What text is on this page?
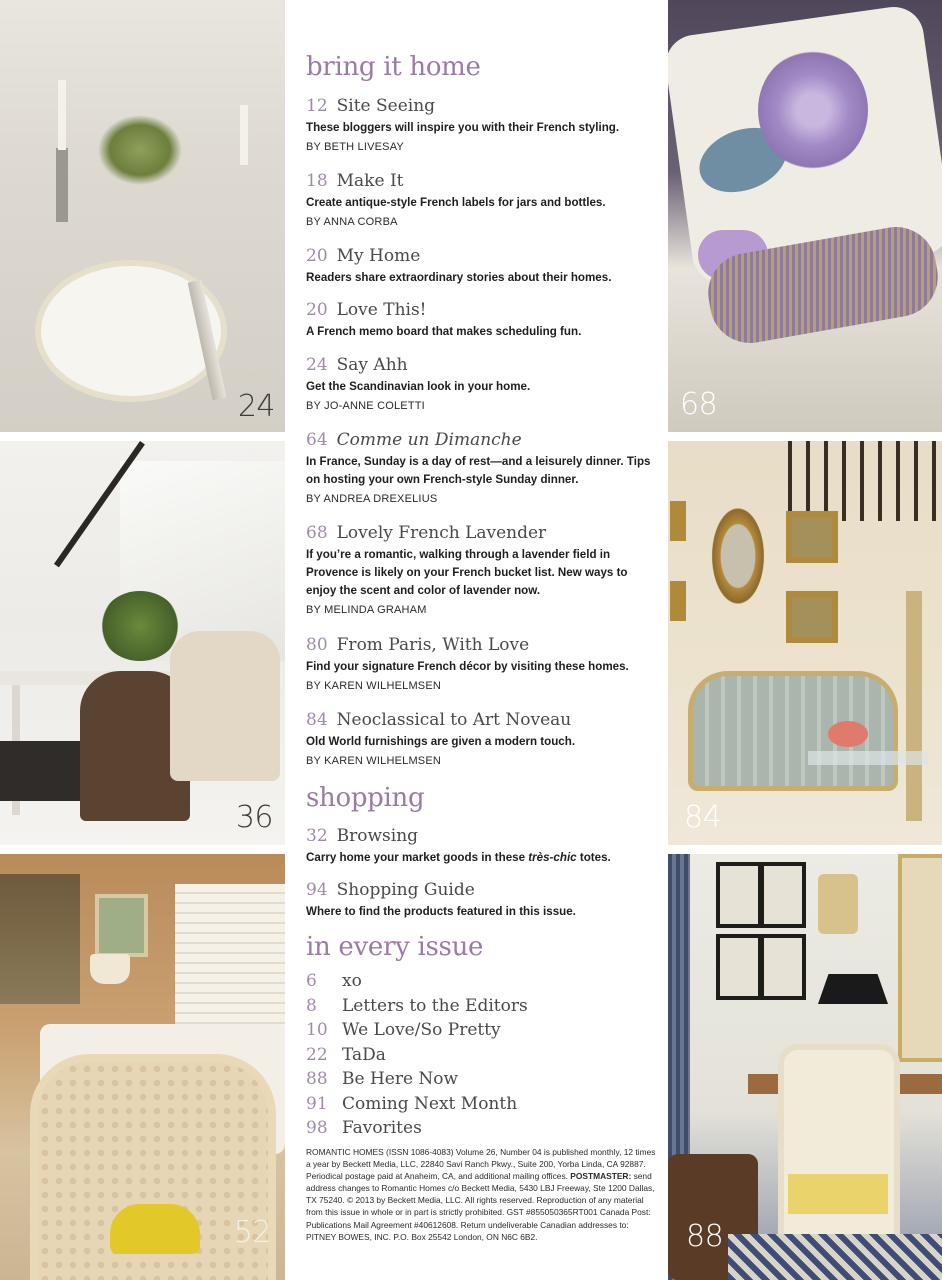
24
36
52
68
84
88
bring it home
12 Site Seeing
These bloggers will inspire you with their French styling.
BY BETH LIVESAY
18 Make It
Create antique-style French labels for jars and bottles.
BY ANNA CORBA
20 My Home
Readers share extraordinary stories about their homes.
20 Love This!
A French memo board that makes scheduling fun.
24 Say Ahh
Get the Scandinavian look in your home.
BY JO-ANNE COLETTI
64 Comme un Dimanche
In France, Sunday is a day of rest—and a leisurely dinner. Tips on hosting your own French-style Sunday dinner.
BY ANDREA DREXELIUS
68 Lovely French Lavender
If you’re a romantic, walking through a lavender field in Provence is likely on your French bucket list. New ways to enjoy the scent and color of lavender now.
BY MELINDA GRAHAM
80 From Paris, With Love
Find your signature French décor by visiting these homes.
BY KAREN WILHELMSEN
84 Neoclassical to Art Noveau
Old World furnishings are given a modern touch.
BY KAREN WILHELMSEN
shopping
32 Browsing
Carry home your market goods in these très-chic totes.
94 Shopping Guide
Where to find the products featured in this issue.
in every issue
6 xo
8 Letters to the Editors
10 We Love/So Pretty
22 TaDa
88 Be Here Now
91 Coming Next Month
98 Favorites
ROMANTIC HOMES (ISSN 1086-4083) Volume 26, Number 04 is published monthly, 12 times a year by Beckett Media, LLC, 22840 Savi Ranch Pkwy., Suite 200, Yorba Linda, CA 92887. Periodical postage paid at Anaheim, CA, and additional mailing offices. POSTMASTER: send address changes to Romantic Homes c/o Beckett Media, 5430 LBJ Freeway, Ste 1200 Dallas, TX 75240. © 2013 by Beckett Media, LLC. All rights reserved. Reproduction of any material from this issue in whole or in part is strictly prohibited. GST #855050365RT001 Canada Post: Publications Mail Agreement #40612608. Return undeliverable Canadian addresses to: PITNEY BOWES, INC. P.O. Box 25542 London, ON N6C 6B2.
